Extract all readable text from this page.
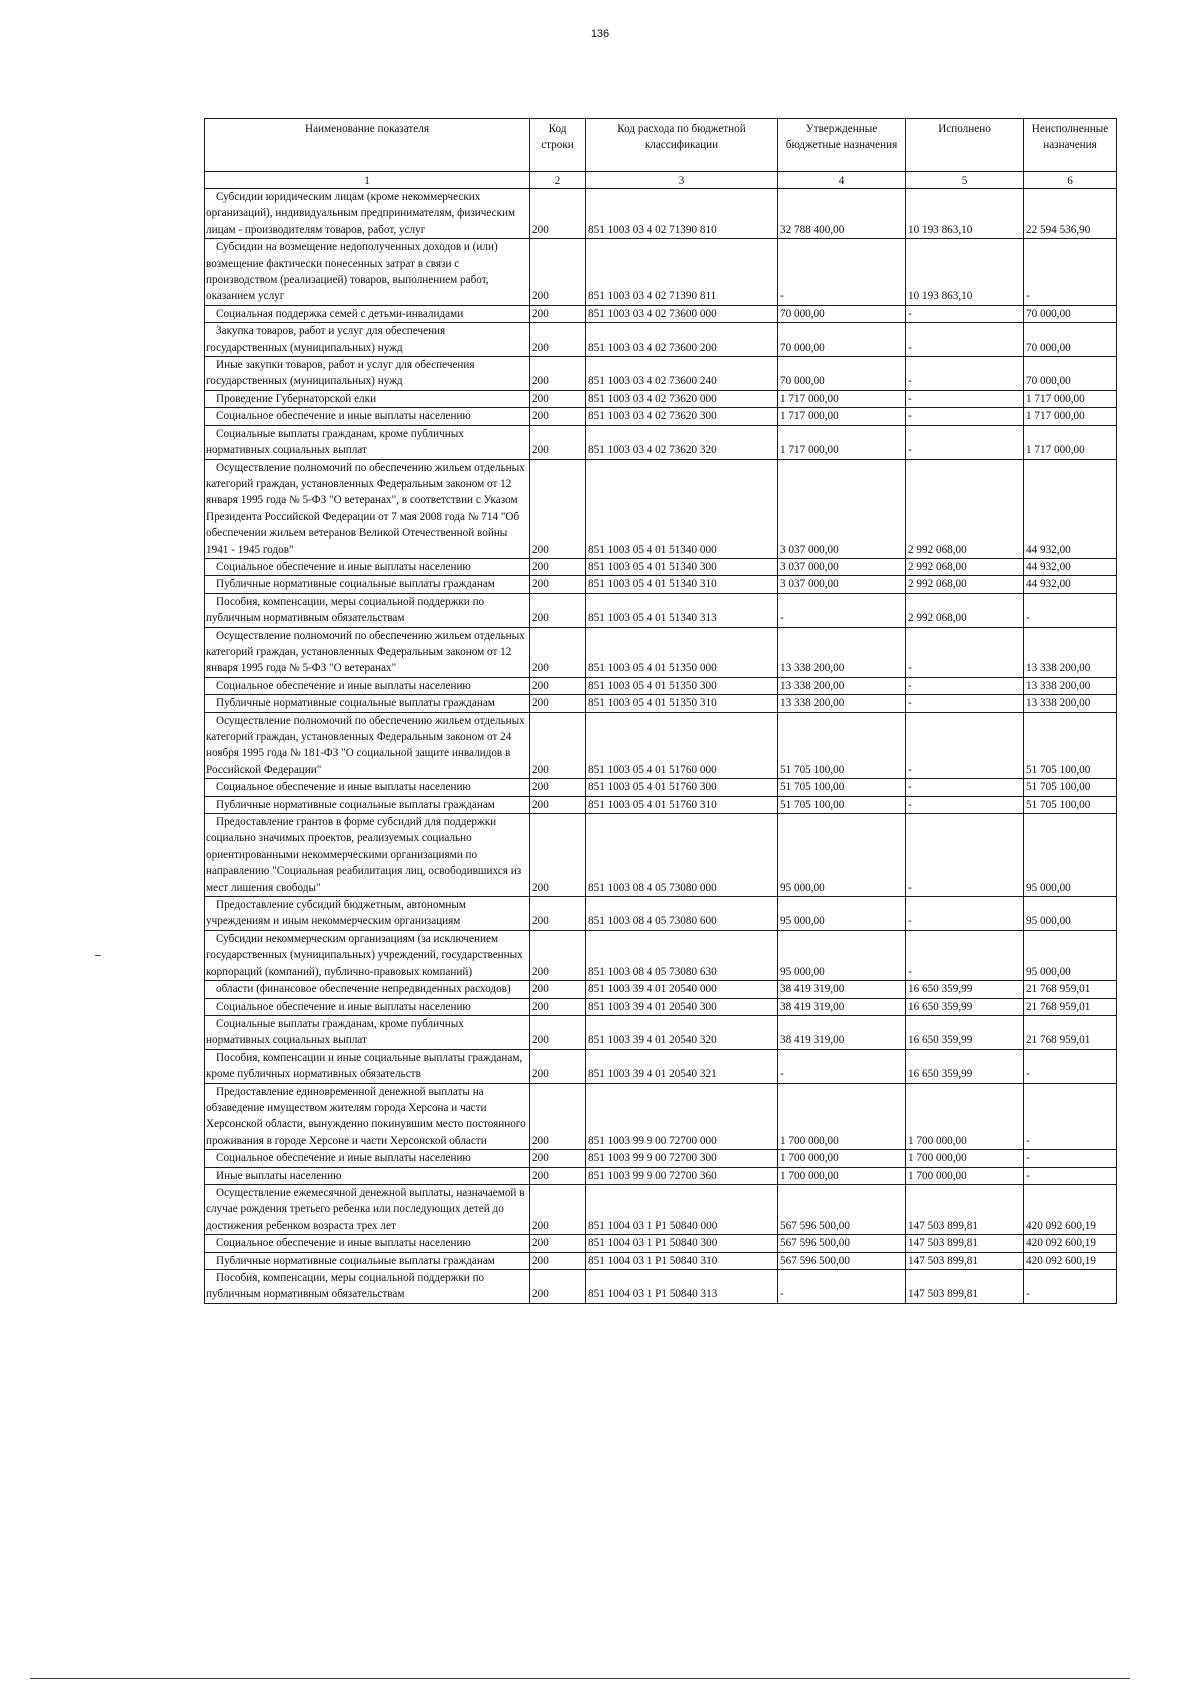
136
Наименование показателя	Код строки	Код расхода по бюджетной классификации	Утвержденные бюджетные назначения	Исполнено	Неисполненные назначения
1	2	3	4	5	6
Субсидии юридическим лицам (кроме некоммерческих организаций), индивидуальным предпринимателям, физическим лицам - производителям товаров, работ, услуг	200	851 1003 03 4 02 71390 810	32 788 400,00	10 193 863,10	22 594 536,90
Субсидии на возмещение недополученных доходов и (или) возмещение фактически понесенных затрат в связи с производством (реализацией) товаров, выполнением работ, оказанием услуг	200	851 1003 03 4 02 71390 811	-	10 193 863,10	-
Социальная поддержка семей с детьми-инвалидами	200	851 1003 03 4 02 73600 000	70 000,00	-	70 000,00
Закупка товаров, работ и услуг для обеспечения государственных (муниципальных) нужд	200	851 1003 03 4 02 73600 200	70 000,00	-	70 000,00
Иные закупки товаров, работ и услуг для обеспечения государственных (муниципальных) нужд	200	851 1003 03 4 02 73600 240	70 000,00	-	70 000,00
Проведение Губернаторской елки	200	851 1003 03 4 02 73620 000	1 717 000,00	-	1 717 000,00
Социальное обеспечение и иные выплаты населению	200	851 1003 03 4 02 73620 300	1 717 000,00	-	1 717 000,00
Социальные выплаты гражданам, кроме публичных нормативных социальных выплат	200	851 1003 03 4 02 73620 320	1 717 000,00	-	1 717 000,00
Осуществление полномочий по обеспечению жильем отдельных категорий граждан, установленных Федеральным законом от 12 января 1995 года № 5-ФЗ "О ветеранах", в соответствии с Указом Президента Российской Федерации от 7 мая 2008 года № 714 "Об обеспечении жильем ветеранов Великой Отечественной войны 1941 - 1945 годов"	200	851 1003 05 4 01 51340 000	3 037 000,00	2 992 068,00	44 932,00
Социальное обеспечение и иные выплаты населению	200	851 1003 05 4 01 51340 300	3 037 000,00	2 992 068,00	44 932,00
Публичные нормативные социальные выплаты гражданам	200	851 1003 05 4 01 51340 310	3 037 000,00	2 992 068,00	44 932,00
Пособия, компенсации, меры социальной поддержки по публичным нормативным обязательствам	200	851 1003 05 4 01 51340 313	-	2 992 068,00	-
Осуществление полномочий по обеспечению жильем отдельных категорий граждан, установленных Федеральным законом от 12 января 1995 года № 5-ФЗ "О ветеранах"	200	851 1003 05 4 01 51350 000	13 338 200,00	-	13 338 200,00
Социальное обеспечение и иные выплаты населению	200	851 1003 05 4 01 51350 300	13 338 200,00	-	13 338 200,00
Публичные нормативные социальные выплаты гражданам	200	851 1003 05 4 01 51350 310	13 338 200,00	-	13 338 200,00
Осуществление полномочий по обеспечению жильем отдельных категорий граждан, установленных Федеральным законом от 24 ноября 1995 года № 181-ФЗ "О социальной защите инвалидов в Российской Федерации"	200	851 1003 05 4 01 51760 000	51 705 100,00	-	51 705 100,00
Социальное обеспечение и иные выплаты населению	200	851 1003 05 4 01 51760 300	51 705 100,00	-	51 705 100,00
Публичные нормативные социальные выплаты гражданам	200	851 1003 05 4 01 51760 310	51 705 100,00	-	51 705 100,00
Предоставление грантов в форме субсидий для поддержки социально значимых проектов, реализуемых социально ориентированными некоммерческими организациями по направлению "Социальная реабилитация лиц, освободившихся из мест лишения свободы"	200	851 1003 08 4 05 73080 000	95 000,00	-	95 000,00
Предоставление субсидий бюджетным, автономным учреждениям и иным некоммерческим организациям	200	851 1003 08 4 05 73080 600	95 000,00	-	95 000,00
Субсидии некоммерческим организациям (за исключением государственных (муниципальных) учреждений, государственных корпораций (компаний), публично-правовых компаний)	200	851 1003 08 4 05 73080 630	95 000,00	-	95 000,00
области (финансовое обеспечение непредвиденных расходов)	200	851 1003 39 4 01 20540 000	38 419 319,00	16 650 359,99	21 768 959,01
Социальное обеспечение и иные выплаты населению	200	851 1003 39 4 01 20540 300	38 419 319,00	16 650 359,99	21 768 959,01
Социальные выплаты гражданам, кроме публичных нормативных социальных выплат	200	851 1003 39 4 01 20540 320	38 419 319,00	16 650 359,99	21 768 959,01
Пособия, компенсации и иные социальные выплаты гражданам, кроме публичных нормативных обязательств	200	851 1003 39 4 01 20540 321	-	16 650 359,99	-
Предоставление единовременной денежной выплаты на обзаведение имуществом жителям города Херсона и части Херсонской области, вынужденно покинувшим место постоянного проживания в городе Херсоне и части Херсонской области	200	851 1003 99 9 00 72700 000	1 700 000,00	1 700 000,00	-
Социальное обеспечение и иные выплаты населению	200	851 1003 99 9 00 72700 300	1 700 000,00	1 700 000,00	-
Иные выплаты населению	200	851 1003 99 9 00 72700 360	1 700 000,00	1 700 000,00	-
Осуществление ежемесячной денежной выплаты, назначаемой в случае рождения третьего ребенка или последующих детей до достижения ребенком возраста трех лет	200	851 1004 03 1 P1 50840 000	567 596 500,00	147 503 899,81	420 092 600,19
Социальное обеспечение и иные выплаты населению	200	851 1004 03 1 P1 50840 300	567 596 500,00	147 503 899,81	420 092 600,19
Публичные нормативные социальные выплаты гражданам	200	851 1004 03 1 P1 50840 310	567 596 500,00	147 503 899,81	420 092 600,19
Пособия, компенсации, меры социальной поддержки по публичным нормативным обязательствам	200	851 1004 03 1 P1 50840 313	-	147 503 899,81	-
